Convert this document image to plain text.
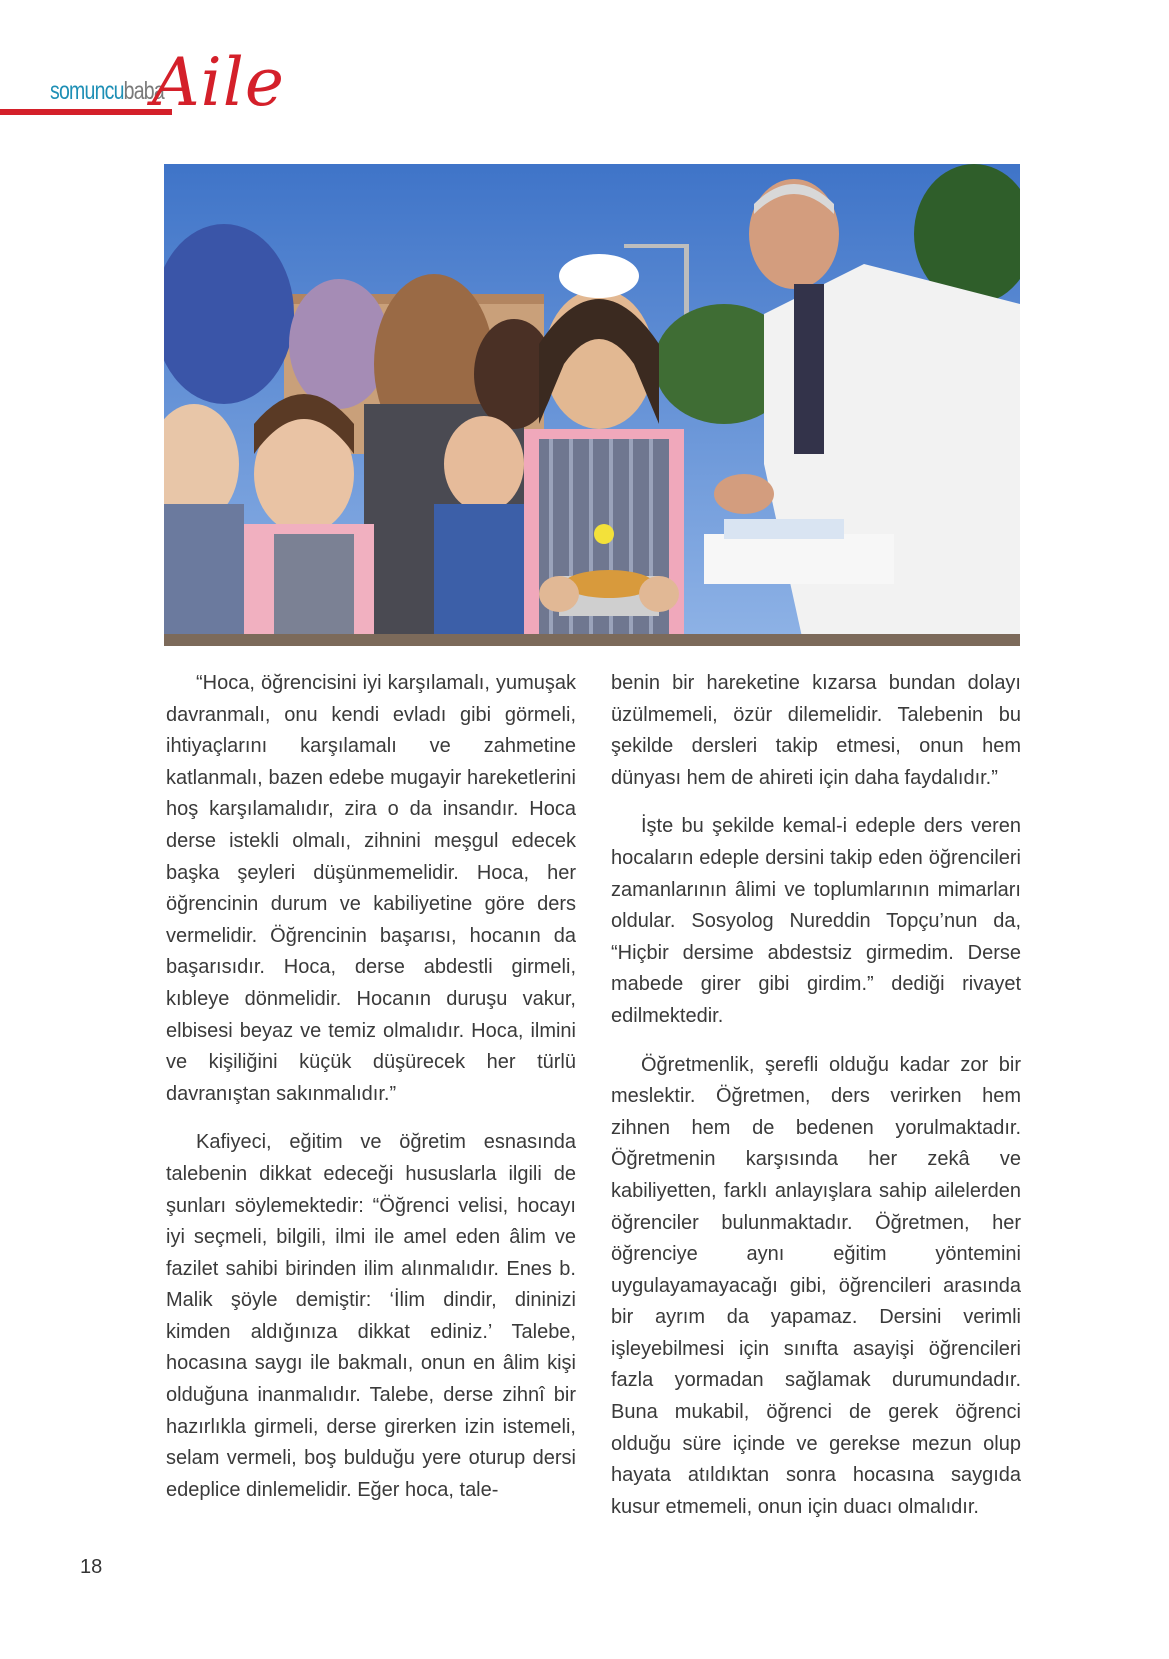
somuncubaba
Aile

“Hoca, öğrencisini iyi karşılamalı, yumuşak davranmalı, onu kendi evladı gibi görmeli, ihtiyaçlarını karşılamalı ve zahmetine katlanmalı, bazen edebe mugayir hareketlerini hoş karşılamalıdır, zira o da insandır. Hoca derse istekli olmalı, zihnini meşgul edecek başka şeyleri düşünmemelidir. Hoca, her öğrencinin durum ve kabiliyetine göre ders vermelidir. Öğrencinin başarısı, hocanın da başarısıdır. Hoca, derse abdestli girmeli, kıbleye dönmelidir. Hocanın duruşu vakur, elbisesi beyaz ve temiz olmalıdır. Hoca, ilmini ve kişiliğini küçük düşürecek her türlü davranıştan sakınmalıdır.”

Kafiyeci, eğitim ve öğretim esnasında talebenin dikkat edeceği hususlarla ilgili de şunları söylemektedir: “Öğrenci velisi, hocayı iyi seçmeli, bilgili, ilmi ile amel eden âlim ve fazilet sahibi birinden ilim alınmalıdır. Enes b. Malik şöyle demiştir: ‘İlim dindir, dininizi kimden aldığınıza dikkat ediniz.’ Talebe, hocasına saygı ile bakmalı, onun en âlim kişi olduğuna inanmalıdır. Talebe, derse zihnî bir hazırlıkla girmeli, derse girerken izin istemeli, selam vermeli, boş bulduğu yere oturup dersi edeplice dinlemelidir. Eğer hoca, tale-

benin bir hareketine kızarsa bundan dolayı üzülmemeli, özür dilemelidir. Talebenin bu şekilde dersleri takip etmesi, onun hem dünyası hem de ahireti için daha faydalıdır.”

İşte bu şekilde kemal-i edeple ders veren hocaların edeple dersini takip eden öğrencileri zamanlarının âlimi ve toplumlarının mimarları oldular. Sosyolog Nureddin Topçu’nun da, “Hiçbir dersime abdestsiz girmedim. Derse mabede girer gibi girdim.” dediği rivayet edilmektedir.

Öğretmenlik, şerefli olduğu kadar zor bir meslektir. Öğretmen, ders verirken hem zihnen hem de bedenen yorulmaktadır. Öğretmenin karşısında her zekâ ve kabiliyetten, farklı anlayışlara sahip ailelerden öğrenciler bulunmaktadır. Öğretmen, her öğrenciye aynı eğitim yöntemini uygulayamayacağı gibi, öğrencileri arasında bir ayrım da yapamaz. Dersini verimli işleyebilmesi için sınıfta asayişi öğrencileri fazla yormadan sağlamak durumundadır. Buna mukabil, öğrenci de gerek öğrenci olduğu süre içinde ve gerekse mezun olup hayata atıldıktan sonra hocasına saygıda kusur etmemeli, onun için duacı olmalıdır.

18
